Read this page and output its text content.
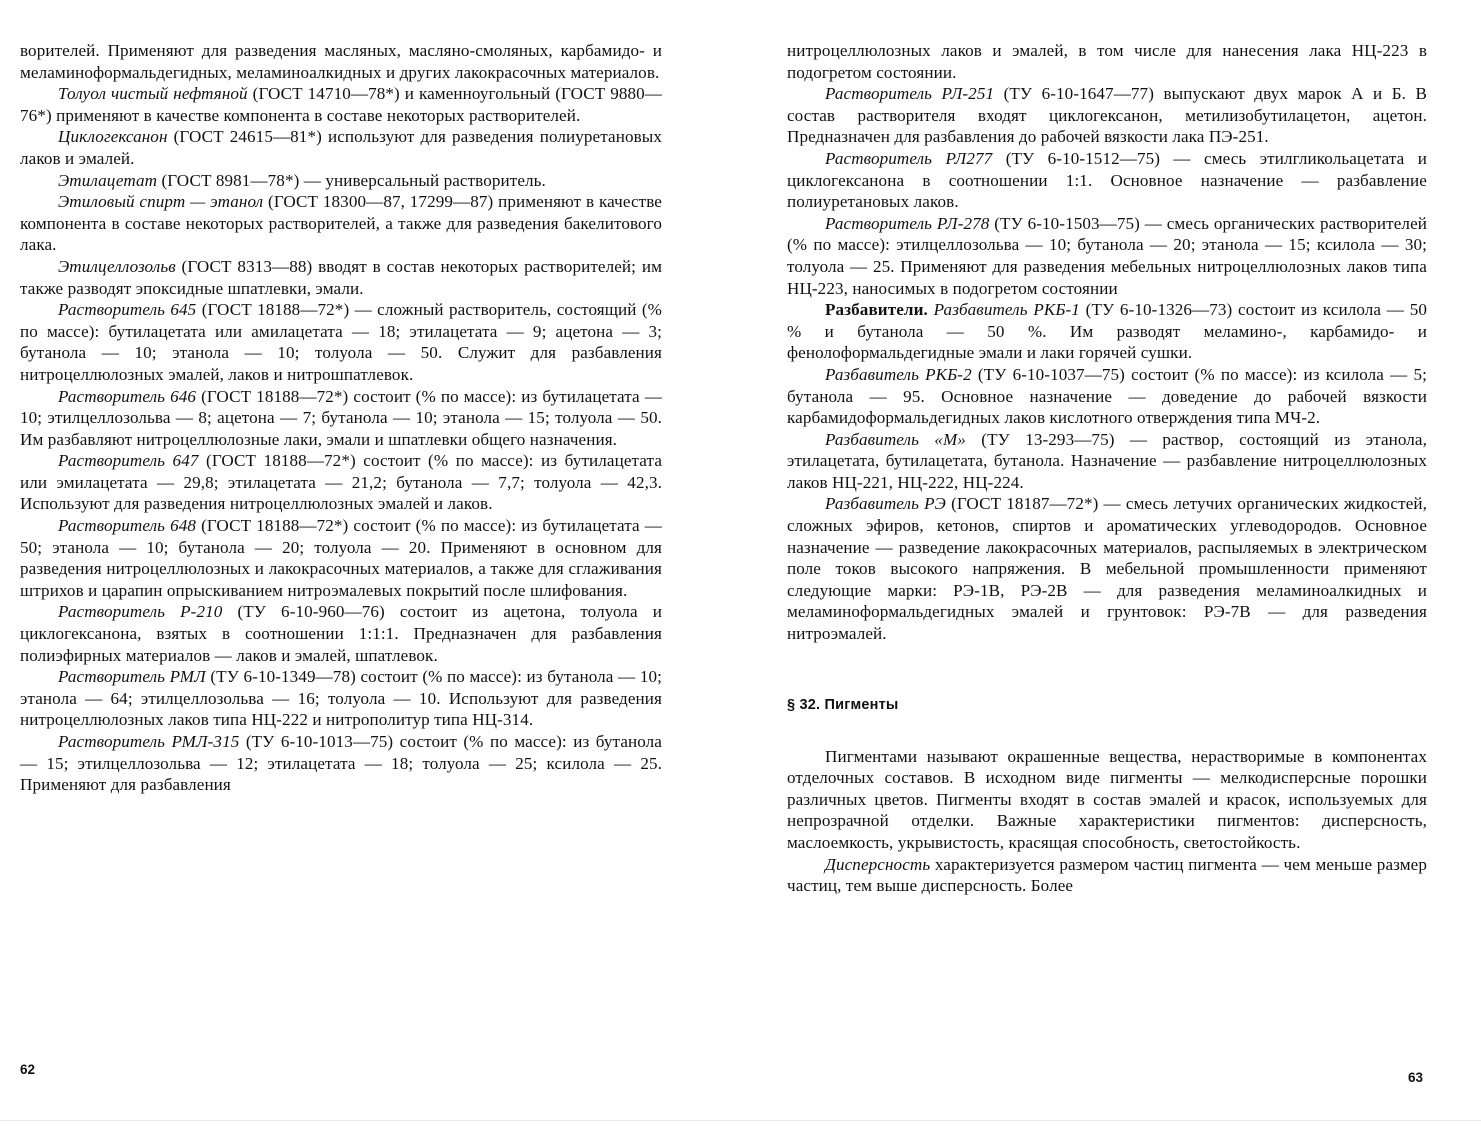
ворителей. Применяют для разведения масляных, масляно-смоляных, карбамидо- и меламиноформальдегидных, меламиноалкидных и других лакокрасочных материалов.

Толуол чистый нефтяной (ГОСТ 14710—78*) и каменноугольный (ГОСТ 9880—76*) применяют в качестве компонента в составе некоторых растворителей.

Циклогексанон (ГОСТ 24615—81*) используют для разведения полиуретановых лаков и эмалей.

Этилацетат (ГОСТ 8981—78*) — универсальный растворитель.

Этиловый спирт — этанол (ГОСТ 18300—87, 17299—87) применяют в качестве компонента в составе некоторых растворителей, а также для разведения бакелитового лака.

Этилцеллозольв (ГОСТ 8313—88) вводят в состав некоторых растворителей; им также разводят эпоксидные шпатлевки, эмали.

Растворитель 645 (ГОСТ 18188—72*) — сложный растворитель, состоящий (% по массе): бутилацетата или амилацетата — 18; этилацетата — 9; ацетона — 3; бутанола — 10; этанола — 10; толуола — 50. Служит для разбавления нитроцеллюлозных эмалей, лаков и нитрошпатлевок.

Растворитель 646 (ГОСТ 18188—72*) состоит (% по массе): из бутилацетата — 10; этилцеллозольва — 8; ацетона — 7; бутанола — 10; этанола — 15; толуола — 50. Им разбавляют нитроцеллюлозные лаки, эмали и шпатлевки общего назначения.

Растворитель 647 (ГОСТ 18188—72*) состоит (% по массе): из бутилацетата или эмилацетата — 29,8; этилацетата — 21,2; бутанола — 7,7; толуола — 42,3. Используют для разведения нитроцеллюлозных эмалей и лаков.

Растворитель 648 (ГОСТ 18188—72*) состоит (% по массе): из бутилацетата — 50; этанола — 10; бутанола — 20; толуола — 20. Применяют в основном для разведения нитроцеллюлозных и лакокрасочных материалов, а также для сглаживания штрихов и царапин опрыскиванием нитроэмалевых покрытий после шлифования.

Растворитель Р-210 (ТУ 6-10-960—76) состоит из ацетона, толуола и циклогексанона, взятых в соотношении 1:1:1. Предназначен для разбавления полиэфирных материалов — лаков и эмалей, шпатлевок.

Растворитель РМЛ (ТУ 6-10-1349—78) состоит (% по массе): из бутанола — 10; этанола — 64; этилцеллозольва — 16; толуола — 10. Используют для разведения нитроцеллюлозных лаков типа НЦ-222 и нитрополитур типа НЦ-314.

Растворитель РМЛ-315 (ТУ 6-10-1013—75) состоит (% по массе): из бутанола — 15; этилцеллозольва — 12; этилацетата — 18; толуола — 25; ксилола — 25. Применяют для разбавления

62

нитроцеллюлозных лаков и эмалей, в том числе для нанесения лака НЦ-223 в подогретом состоянии.

Растворитель РЛ-251 (ТУ 6-10-1647—77) выпускают двух марок А и Б. В состав растворителя входят циклогексанон, метилизобутилацетон, ацетон. Предназначен для разбавления до рабочей вязкости лака ПЭ-251.

Растворитель РЛ277 (ТУ 6-10-1512—75) — смесь этилгликольацетата и циклогексанона в соотношении 1:1. Основное назначение — разбавление полиуретановых лаков.

Растворитель РЛ-278 (ТУ 6-10-1503—75) — смесь органических растворителей (% по массе): этилцеллозольва — 10; бутанола — 20; этанола — 15; ксилола — 30; толуола — 25. Применяют для разведения мебельных нитроцеллюлозных лаков типа НЦ-223, наносимых в подогретом состоянии

Разбавители. Разбавитель РКБ-1 (ТУ 6-10-1326—73) состоит из ксилола — 50 % и бутанола — 50 %. Им разводят меламино-, карбамидо- и фенолоформальдегидные эмали и лаки горячей сушки.

Разбавитель РКБ-2 (ТУ 6-10-1037—75) состоит (% по массе): из ксилола — 5; бутанола — 95. Основное назначение — доведение до рабочей вязкости карбамидоформальдегидных лаков кислотного отверждения типа МЧ-2.

Разбавитель «М» (ТУ 13-293—75) — раствор, состоящий из этанола, этилацетата, бутилацетата, бутанола. Назначение — разбавление нитроцеллюлозных лаков НЦ-221, НЦ-222, НЦ-224.

Разбавитель РЭ (ГОСТ 18187—72*) — смесь летучих органических жидкостей, сложных эфиров, кетонов, спиртов и ароматических углеводородов. Основное назначение — разведение лакокрасочных материалов, распыляемых в электрическом поле токов высокого напряжения. В мебельной промышленности применяют следующие марки: РЭ-1В, РЭ-2В — для разведения меламиноалкидных и меламиноформальдегидных эмалей и грунтовок: РЭ-7В — для разведения нитроэмалей.

§ 32. Пигменты

Пигментами называют окрашенные вещества, нерастворимые в компонентах отделочных составов. В исходном виде пигменты — мелкодисперсные порошки различных цветов. Пигменты входят в состав эмалей и красок, используемых для непрозрачной отделки. Важные характеристики пигментов: дисперсность, маслоемкость, укрывистость, красящая способность, светостойкость.

Дисперсность характеризуется размером частиц пигмента — чем меньше размер частиц, тем выше дисперсность. Более

63
